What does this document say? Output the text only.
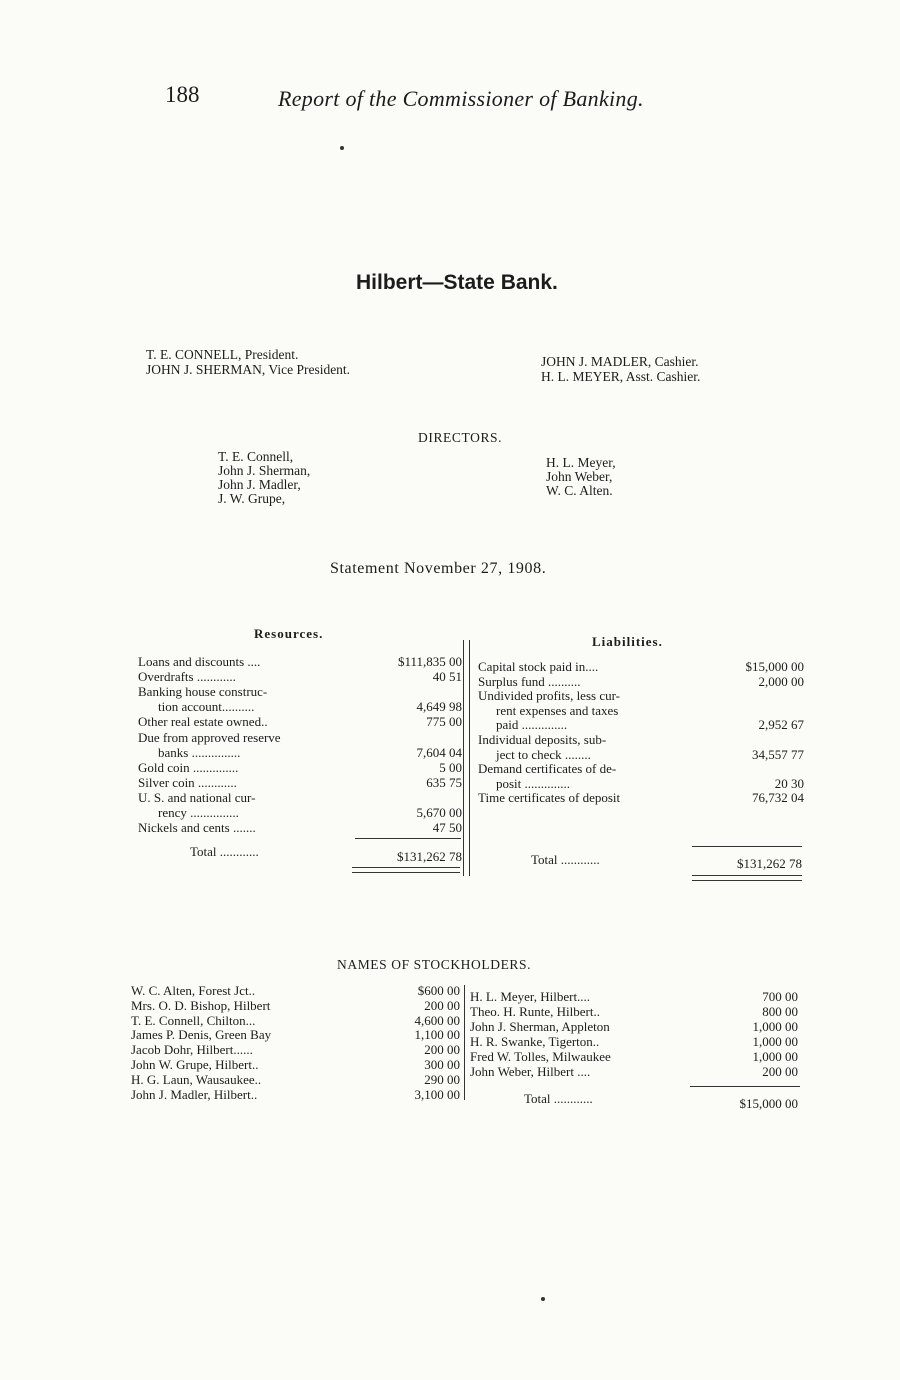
188	Report of the Commissioner of Banking.
Hilbert—State Bank.
T. E. CONNELL, President.
JOHN J. SHERMAN, Vice President.
JOHN J. MADLER, Cashier.
H. L. MEYER, Asst. Cashier.
DIRECTORS.
T. E. Connell,
John J. Sherman,
John J. Madler,
J. W. Grupe,
H. L. Meyer,
John Weber,
W. C. Alten.
Statement November 27, 1908.
Resources.
Liabilities.
Loans and discounts ....	$111,835 00
Overdrafts ............	40 51
Banking house construc-
tion account..........	4,649 98
Other real estate owned..	775 00
Due from approved reserve
banks ...............	7,604 04
Gold coin ..............	5 00
Silver coin ............	635 75
U. S. and national cur-
rency ...............	5,670 00
Nickels and cents .......	47 50
Capital stock paid in....	$15,000 00
Surplus fund ..........	2,000 00
Undivided profits, less cur-
rent expenses and taxes
paid ..............	2,952 67
Individual deposits, sub-
ject to check ........	34,557 77
Demand certificates of de-
posit ..............	20 30
Time certificates of deposit	76,732 04
Total ............	$131,262 78	Total ............	$131,262 78
NAMES OF STOCKHOLDERS.
W. C. Alten, Forest Jct..	$600 00
Mrs. O. D. Bishop, Hilbert	200 00
T. E. Connell, Chilton...	4,600 00
James P. Denis, Green Bay	1,100 00
Jacob Dohr, Hilbert......	200 00
John W. Grupe, Hilbert..	300 00
H. G. Laun, Wausaukee..	290 00
John J. Madler, Hilbert..	3,100 00
H. L. Meyer, Hilbert....	700 00
Theo. H. Runte, Hilbert..	800 00
John J. Sherman, Appleton	1,000 00
H. R. Swanke, Tigerton..	1,000 00
Fred W. Tolles, Milwaukee	1,000 00
John Weber, Hilbert ....	200 00
Total ............	$15,000 00
